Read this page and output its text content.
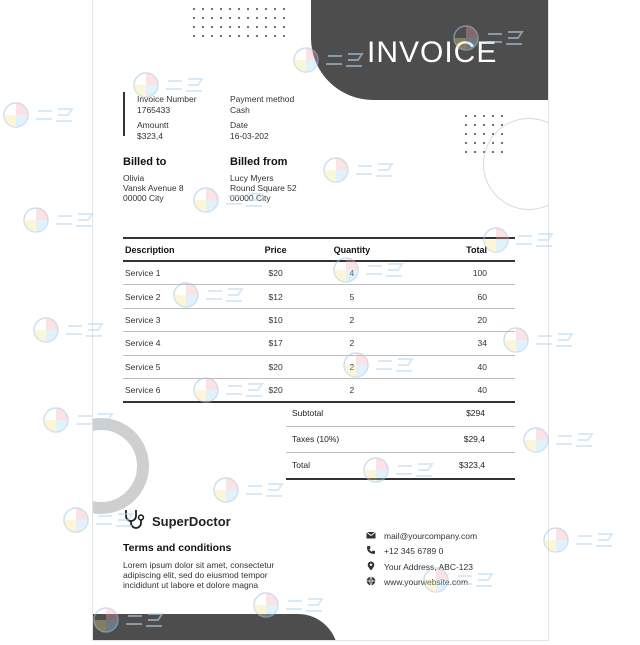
INVOICE
Invoice Number
1765433
Amountt
$323,4
Payment method
Cash
Date
16-03-202
Billed to
Olivia
Vansk Avenue 8
00000 City
Billed from
Lucy Myers
Round Square 52
00000 City
Description	Price	Quantity	Total
Service 1	$20	4	100
Service 2	$12	5	60
Service 3	$10	2	20
Service 4	$17	2	34
Service 5	$20	2	40
Service 6	$20	2	40
Subtotal	$294
Taxes (10%)	$29,4
Total	$323,4
SuperDoctor
Terms and conditions
Lorem ipsum dolor sit amet, consectetur adipiscing elit, sed do eiusmod tempor incididunt ut labore et dolore magna
mail@yourcompany.com
+12 345 6789 0
Your Address, ABC-123
www.yourwebsite.com
